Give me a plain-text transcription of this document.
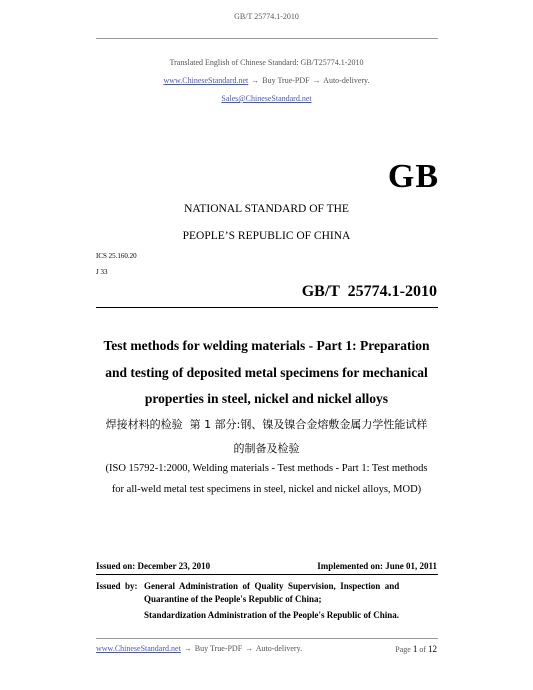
GB/T 25774.1-2010
Translated English of Chinese Standard: GB/T25774.1-2010
www.ChineseStandard.net → Buy True-PDF → Auto-delivery.
Sales@ChineseStandard.net
GB
NATIONAL STANDARD OF THE
PEOPLE’S REPUBLIC OF CHINA
ICS 25.160.20
J 33
GB/T  25774.1-2010
Test methods for welding materials - Part 1: Preparation
and testing of deposited metal specimens for mechanical
properties in steel, nickel and nickel alloys
焊接材料的检验  第 1 部分:钢、镍及镍合金熔敷金属力学性能试样
的制备及检验
(ISO 15792-1:2000, Welding materials - Test methods - Part 1: Test methods
for all-weld metal test specimens in steel, nickel and nickel alloys, MOD)
Issued on: December 23, 2010	Implemented on: June 01, 2011
Issued  by: General  Administration  of  Quality  Supervision,  Inspection  and
Quarantine of the People's Republic of China;
Standardization Administration of the People's Republic of China.
www.ChineseStandard.net → Buy True-PDF → Auto-delivery.	Page 1 of 12
